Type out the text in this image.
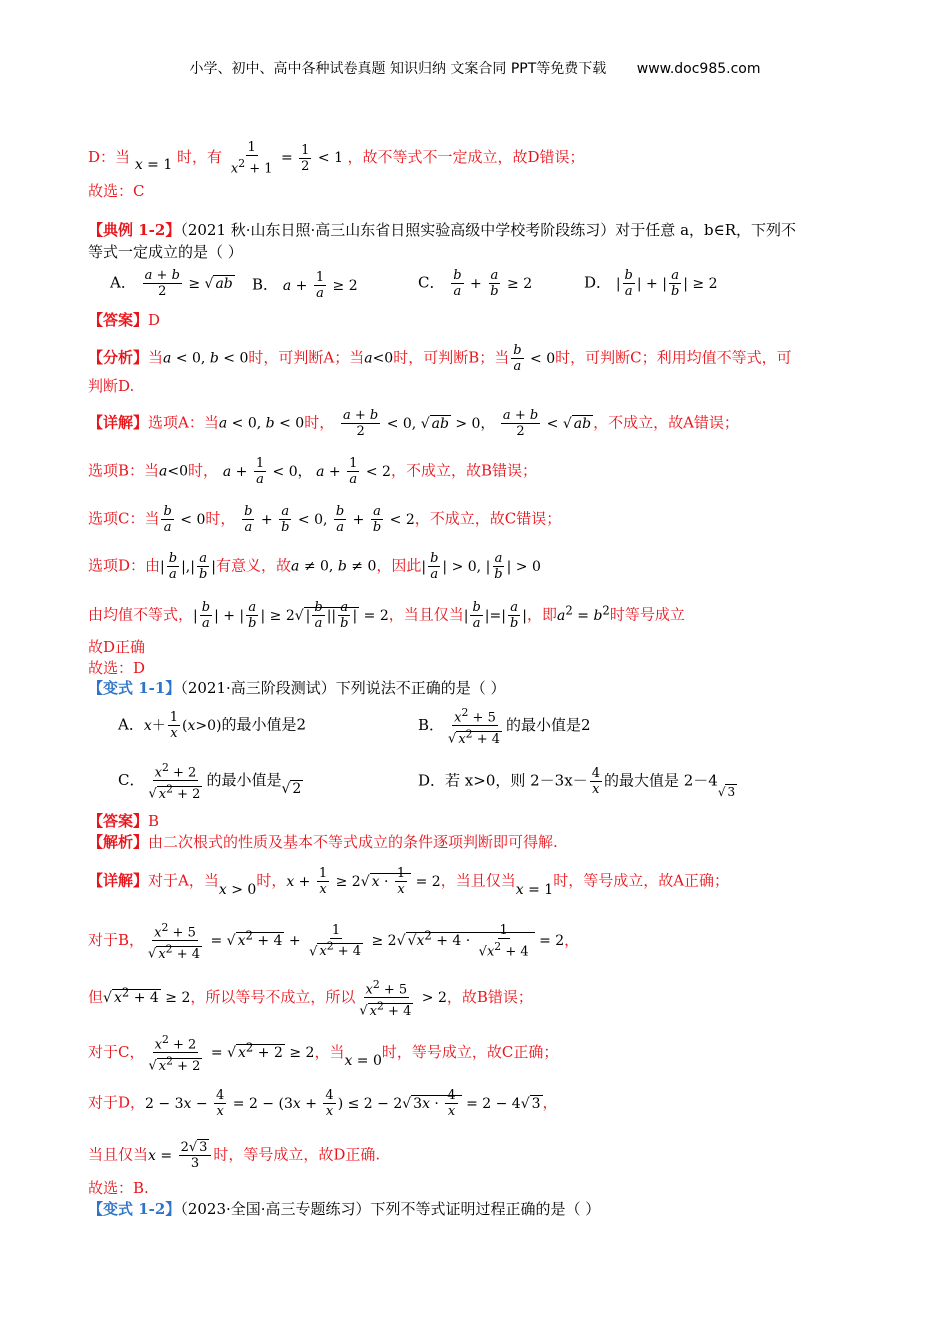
小学、初中、高中各种试卷真题 知识归纳 文案合同 PPT等免费下载 www.doc985.com
D：当 x = 1 时，有 $\frac{1}{x^2 + 1} = \frac{1}{2} < 1$ ，故不等式不一定成立，故D错误；
故选：C
【典例 1-2】（2021 秋·山东日照·高三山东省日照实验高级中学校考阶段练习）对于任意 a，b∈R，下列不
等式一定成立的是（ ）
A． $\frac{a + b}{2}$ ≥ √ ab B． $a + \frac{1}{a} \ge 2$	C． $\frac{b}{a} + \frac{a}{b} \ge 2$	D． | $\frac{b}{a}$ | + | $\frac{a}{b}$ | ≥ 2
【答案】D
【分析】当a < 0, b < 0时，可判断A；当a<0时，可判断B；当 $\frac{b}{a} < 0$时，可判断C；利用均值不等式，可
判断D.
【详解】选项A：当a < 0, b < 0时， $\frac{a + b}{2} < 0$, √ ab > 0， $\frac{a + b}{2}$ < √ ab ，不成立，故A错误；
选项B：当a<0时， $a + \frac{1}{a} < 0$， $a + \frac{1}{a} < 2$，不成立，故B错误；
选项C：当 $\frac{b}{a} < 0$时， $\frac{b}{a} + \frac{a}{b} < 0$, $\frac{b}{a} + \frac{a}{b} < 2$，不成立，故C错误；
选项D：由| $\frac{b}{a}$ |,| $\frac{a}{b}$ |有意义，故a ≠ 0, b ≠ 0，因此| $\frac{b}{a}$ | > 0, | $\frac{a}{b}$ | > 0
由均值不等式，| $\frac{b}{a}$ | + | $\frac{a}{b}$ | ≥ 2√ | $\frac{b}{a}$ || $\frac{a}{b}$ | = 2，当且仅当| $\frac{b}{a}$ |=| $\frac{a}{b}$ |，即$a^2 = b^2$时等号成立
故D正确
故选：D
【变式 1-1】（2021·高三阶段测试）下列说法不正确的是（ ）
A．$x+ \frac{1}{x} (x>0)$的最小值是2	B． $\frac{x^2 + 5}{√ x^2 + 4}$ 的最小值是2
C． $\frac{x^2 + 2}{√ x^2 + 2}$ 的最小值是√ 2	D．若 x>0，则 $2-3x- \frac{4}{x}$ 的最大值是 $2-4_{√ 3}$
【答案】B
【解析】由二次根式的性质及基本不等式成立的条件逐项判断即可得解.
【详解】对于A，当x > 0时，$x + \frac{1}{x} \ge 2√$ $x \cdot \frac{1}{x} = 2$，当且仅当x = 1时，等号成立，故A正确；
对于B， $\frac{x^2 + 5}{√ x^2 + 4}$ = √ $x^2 + 4 + \frac{1}{√ x^2 + 4} \ge 2√$ $√x^2 + 4 \cdot \frac{1}{√x^2 + 4} = 2$，
但√ $x^2 + 4 \ge 2$，所以等号不成立，所以 $\frac{x^2 + 5}{√ x^2 + 4} > 2$，故B错误；
对于C， $\frac{x^2 + 2}{√ x^2 + 2}$ = √ $x^2 + 2 \ge 2$，当x = 0时，等号成立，故C正确；
对于D，$2 - 3x - \frac{4}{x} = 2 - (3x + \frac{4}{x}$ ) ≤ 2 − 2√ $3x \cdot \frac{4}{x} = 2 - 4√$ 3 ，
当且仅当$x = \frac{2√ 3}{3}$ 时，等号成立，故D正确.
故选：B.
【变式 1-2】（2023·全国·高三专题练习）下列不等式证明过程正确的是（ ）
